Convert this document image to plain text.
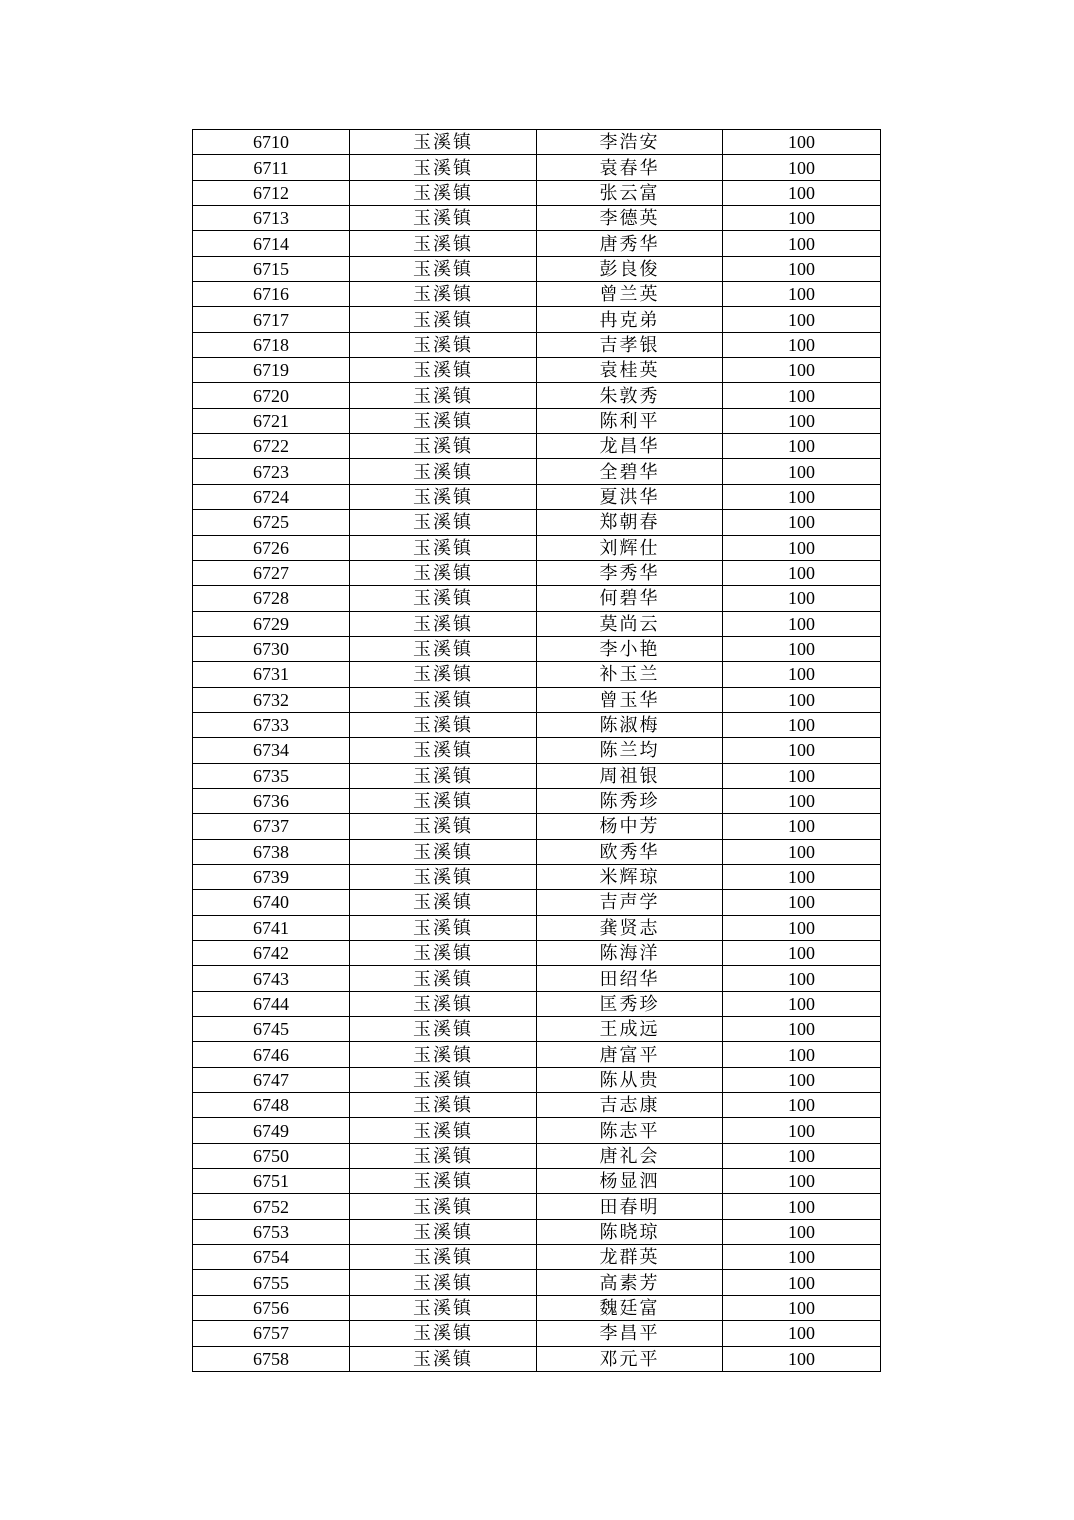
6710	玉溪镇	李浩安	100
6711	玉溪镇	袁春华	100
6712	玉溪镇	张云富	100
6713	玉溪镇	李德英	100
6714	玉溪镇	唐秀华	100
6715	玉溪镇	彭良俊	100
6716	玉溪镇	曾兰英	100
6717	玉溪镇	冉克弟	100
6718	玉溪镇	吉孝银	100
6719	玉溪镇	袁桂英	100
6720	玉溪镇	朱敦秀	100
6721	玉溪镇	陈利平	100
6722	玉溪镇	龙昌华	100
6723	玉溪镇	全碧华	100
6724	玉溪镇	夏洪华	100
6725	玉溪镇	郑朝春	100
6726	玉溪镇	刘辉仕	100
6727	玉溪镇	李秀华	100
6728	玉溪镇	何碧华	100
6729	玉溪镇	莫尚云	100
6730	玉溪镇	李小艳	100
6731	玉溪镇	补玉兰	100
6732	玉溪镇	曾玉华	100
6733	玉溪镇	陈淑梅	100
6734	玉溪镇	陈兰均	100
6735	玉溪镇	周祖银	100
6736	玉溪镇	陈秀珍	100
6737	玉溪镇	杨中芳	100
6738	玉溪镇	欧秀华	100
6739	玉溪镇	米辉琼	100
6740	玉溪镇	吉声学	100
6741	玉溪镇	龚贤志	100
6742	玉溪镇	陈海洋	100
6743	玉溪镇	田绍华	100
6744	玉溪镇	匡秀珍	100
6745	玉溪镇	王成远	100
6746	玉溪镇	唐富平	100
6747	玉溪镇	陈从贵	100
6748	玉溪镇	吉志康	100
6749	玉溪镇	陈志平	100
6750	玉溪镇	唐礼会	100
6751	玉溪镇	杨显泗	100
6752	玉溪镇	田春明	100
6753	玉溪镇	陈晓琼	100
6754	玉溪镇	龙群英	100
6755	玉溪镇	高素芳	100
6756	玉溪镇	魏廷富	100
6757	玉溪镇	李昌平	100
6758	玉溪镇	邓元平	100
